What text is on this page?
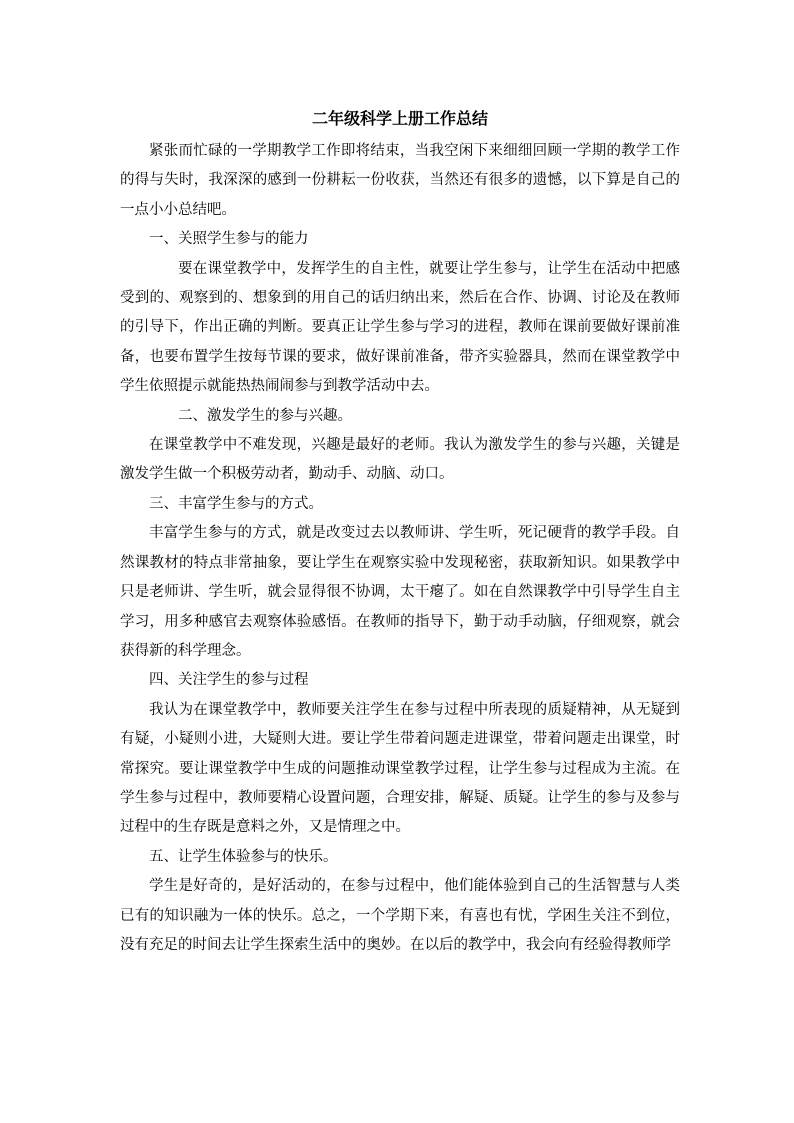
二年级科学上册工作总结

紧张而忙碌的一学期教学工作即将结束，当我空闲下来细细回顾一学期的教学工作的得与失时，我深深的感到一份耕耘一份收获，当然还有很多的遗憾，以下算是自己的一点小小总结吧。

一、关照学生参与的能力

要在课堂教学中，发挥学生的自主性，就要让学生参与，让学生在活动中把感受到的、观察到的、想象到的用自己的话归纳出来，然后在合作、协调、讨论及在教师的引导下，作出正确的判断。要真正让学生参与学习的进程，教师在课前要做好课前准备，也要布置学生按每节课的要求，做好课前准备，带齐实验器具，然而在课堂教学中学生依照提示就能热热闹闹参与到教学活动中去。

二、激发学生的参与兴趣。

在课堂教学中不难发现，兴趣是最好的老师。我认为激发学生的参与兴趣，关键是激发学生做一个积极劳动者，勤动手、动脑、动口。

三、丰富学生参与的方式。

丰富学生参与的方式，就是改变过去以教师讲、学生听，死记硬背的教学手段。自然课教材的特点非常抽象，要让学生在观察实验中发现秘密，获取新知识。如果教学中只是老师讲、学生听，就会显得很不协调，太干瘪了。如在自然课教学中引导学生自主学习，用多种感官去观察体验感悟。在教师的指导下，勤于动手动脑，仔细观察，就会获得新的科学理念。

四、关注学生的参与过程

我认为在课堂教学中，教师要关注学生在参与过程中所表现的质疑精神，从无疑到有疑，小疑则小进，大疑则大进。要让学生带着问题走进课堂，带着问题走出课堂，时常探究。要让课堂教学中生成的问题推动课堂教学过程，让学生参与过程成为主流。在学生参与过程中，教师要精心设置问题，合理安排，解疑、质疑。让学生的参与及参与过程中的生存既是意料之外，又是情理之中。

五、让学生体验参与的快乐。

学生是好奇的，是好活动的，在参与过程中，他们能体验到自己的生活智慧与人类已有的知识融为一体的快乐。总之，一个学期下来，有喜也有忧，学困生关注不到位，没有充足的时间去让学生探索生活中的奥妙。在以后的教学中，我会向有经验得教师学
